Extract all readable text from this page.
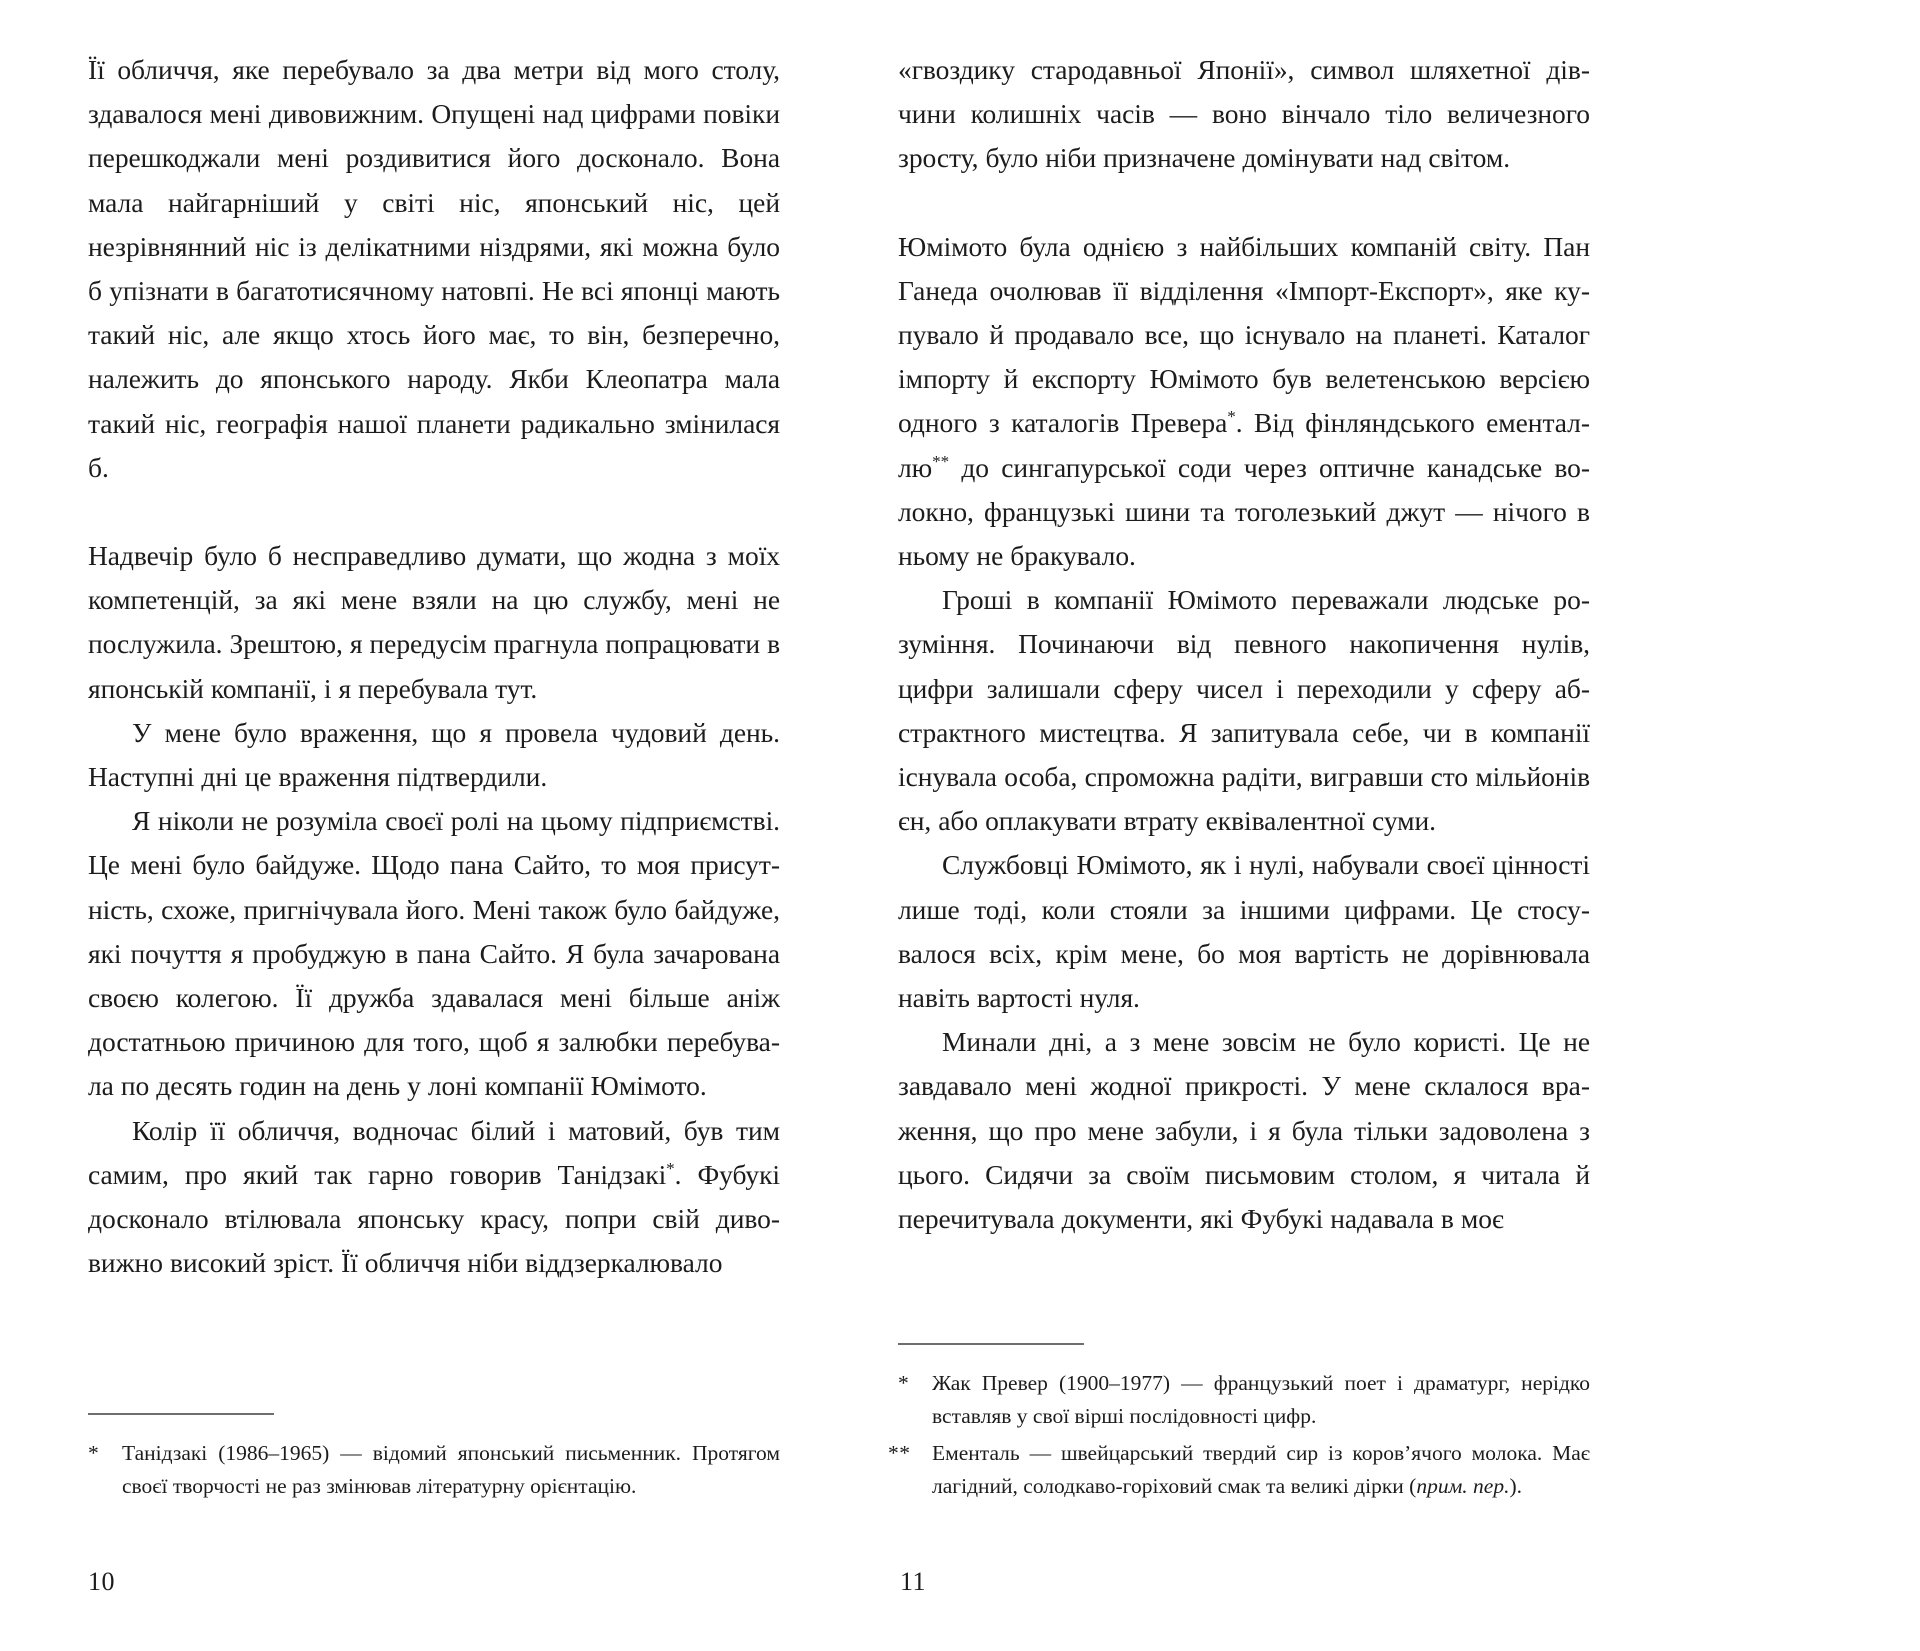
Її обличчя, яке перебувало за два метри від мого столу, здавалося мені дивовижним. Опущені над цифрами повіки перешкоджали мені роздивитися його досконало. Вона мала найгарніший у світі ніс, японський ніс, цей незрівнянний ніс із делікатними ніздрями, які можна було б упізнати в багатотисячному натовпі. Не всі японці мають такий ніс, але якщо хтось його має, то він, безперечно, належить до японського народу. Якби Клеопатра мала такий ніс, географія нашої планети радикально змінилася б.

Надвечір було б несправедливо думати, що жодна з моїх компетенцій, за які мене взяли на цю службу, мені не послужила. Зрештою, я передусім прагнула попрацювати в японській компанії, і я перебувала тут.

У мене було враження, що я провела чудовий день. Наступні дні це враження підтвердили.

Я ніколи не розуміла своєї ролі на цьому підприємстві. Це мені було байдуже. Щодо пана Сайто, то моя присутність, схоже, пригнічувала його. Мені також було байдуже, які почуття я пробуджую в пана Сайто. Я була зачарована своєю колегою. Її дружба здавалася мені більше аніж достатньою причиною для того, щоб я залюбки перебувала по десять годин на день у лоні компанії Юмімото.

Колір її обличчя, водночас білий і матовий, був тим самим, про який так гарно говорив Танідзакі*. Фубукі досконало втілювала японську красу, попри свій дивовижно високий зріст. Її обличчя ніби віддзеркалювало

*	Танідзакі (1986–1965) — відомий японський письменник. Протягом своєї творчості не раз змінював літературну орієнтацію.
10

«гвоздику стародавньої Японії», символ шляхетної дівчини колишніх часів — воно вінчало тіло величезного зросту, було ніби призначене домінувати над світом.

Юмімото була однією з найбільших компаній світу. Пан Ганеда очолював її відділення «Імпорт-Експорт», яке купувало й продавало все, що існувало на планеті. Каталог імпорту й експорту Юмімото був велетенською версією одного з каталогів Превера*. Від фінляндського ементаллю** до сингапурської соди через оптичне канадське волокно, французькі шини та тоголезький джут — нічого в ньому не бракувало.

Гроші в компанії Юмімото переважали людське розуміння. Починаючи від певного накопичення нулів, цифри залишали сферу чисел і переходили у сферу абстрактного мистецтва. Я запитувала себе, чи в компанії існувала особа, спроможна радіти, вигравши сто мільйонів єн, або оплакувати втрату еквівалентної суми.

Службовці Юмімото, як і нулі, набували своєї цінності лише тоді, коли стояли за іншими цифрами. Це стосувалося всіх, крім мене, бо моя вартість не дорівнювала навіть вартості нуля.

Минали дні, а з мене зовсім не було користі. Це не завдавало мені жодної прикрості. У мене склалося враження, що про мене забули, і я була тільки задоволена з цього. Сидячи за своїм письмовим столом, я читала й перечитувала документи, які Фубукі надавала в моє

*	Жак Превер (1900–1977) — французький поет і драматург, нерідко вставляв у свої вірші послідовності цифр.
**	Ементаль — швейцарський твердий сир із коров’ячого молока. Має лагідний, солодкаво-горіховий смак та великі дірки (прим. пер.).
11
